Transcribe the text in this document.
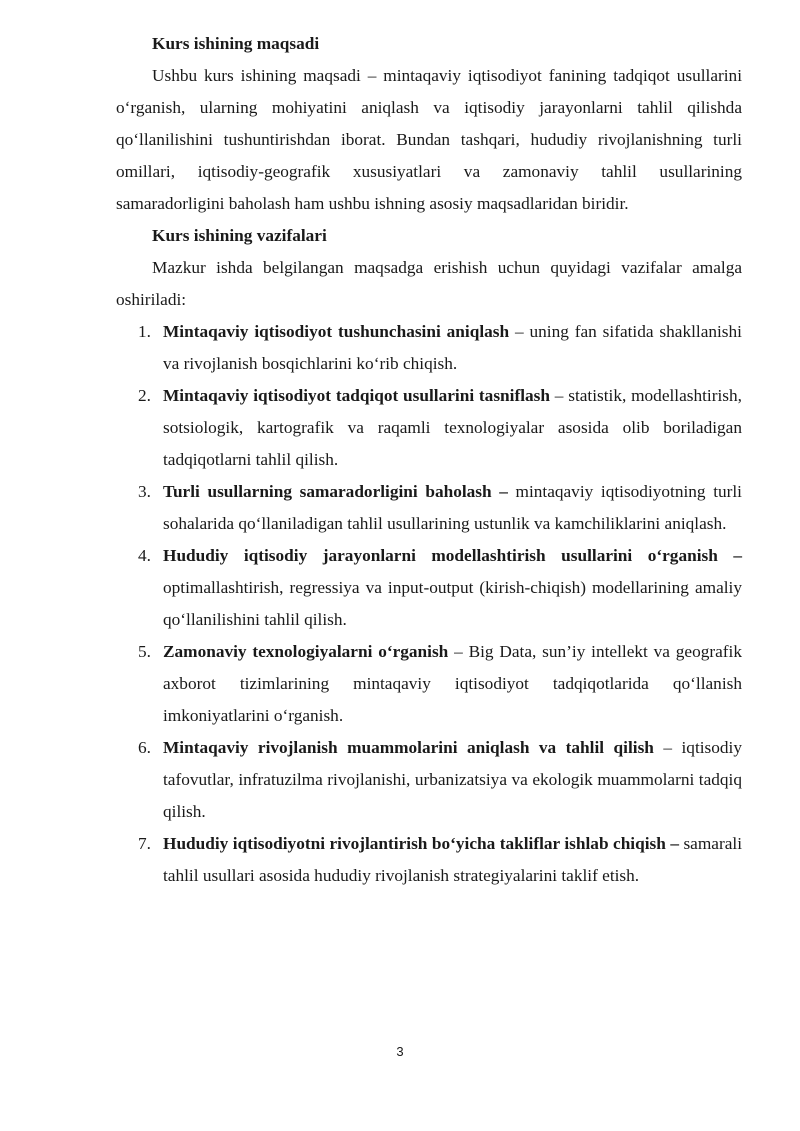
Kurs ishining maqsadi

Ushbu kurs ishining maqsadi – mintaqaviy iqtisodiyot fanining tadqiqot usullarini o‘rganish, ularning mohiyatini aniqlash va iqtisodiy jarayonlarni tahlil qilishda qo‘llanilishini tushuntirishdan iborat. Bundan tashqari, hududiy rivojlanishning turli omillari, iqtisodiy-geografik xususiyatlari va zamonaviy tahlil usullarining samaradorligini baholash ham ushbu ishning asosiy maqsadlaridan biridir.

Kurs ishining vazifalari

Mazkur ishda belgilangan maqsadga erishish uchun quyidagi vazifalar amalga oshiriladi:

1. Mintaqaviy iqtisodiyot tushunchasini aniqlash – uning fan sifatida shakllanishi va rivojlanish bosqichlarini ko‘rib chiqish.
2. Mintaqaviy iqtisodiyot tadqiqot usullarini tasniflash – statistik, modellashtirish, sotsiologik, kartografik va raqamli texnologiyalar asosida olib boriladigan tadqiqotlarni tahlil qilish.
3. Turli usullarning samaradorligini baholash – mintaqaviy iqtisodiyotning turli sohalarida qo‘llaniladigan tahlil usullarining ustunlik va kamchiliklarini aniqlash.
4. Hududiy iqtisodiy jarayonlarni modellashtirish usullarini o‘rganish – optimallashtirish, regressiya va input-output (kirish-chiqish) modellarining amaliy qo‘llanilishini tahlil qilish.
5. Zamonaviy texnologiyalarni o‘rganish – Big Data, sun’iy intellekt va geografik axborot tizimlarining mintaqaviy iqtisodiyot tadqiqotlarida qo‘llanish imkoniyatlarini o‘rganish.
6. Mintaqaviy rivojlanish muammolarini aniqlash va tahlil qilish – iqtisodiy tafovutlar, infratuzilma rivojlanishi, urbanizatsiya va ekologik muammolarni tadqiq qilish.
7. Hududiy iqtisodiyotni rivojlantirish bo‘yicha takliflar ishlab chiqish – samarali tahlil usullari asosida hududiy rivojlanish strategiyalarini taklif etish.
3
